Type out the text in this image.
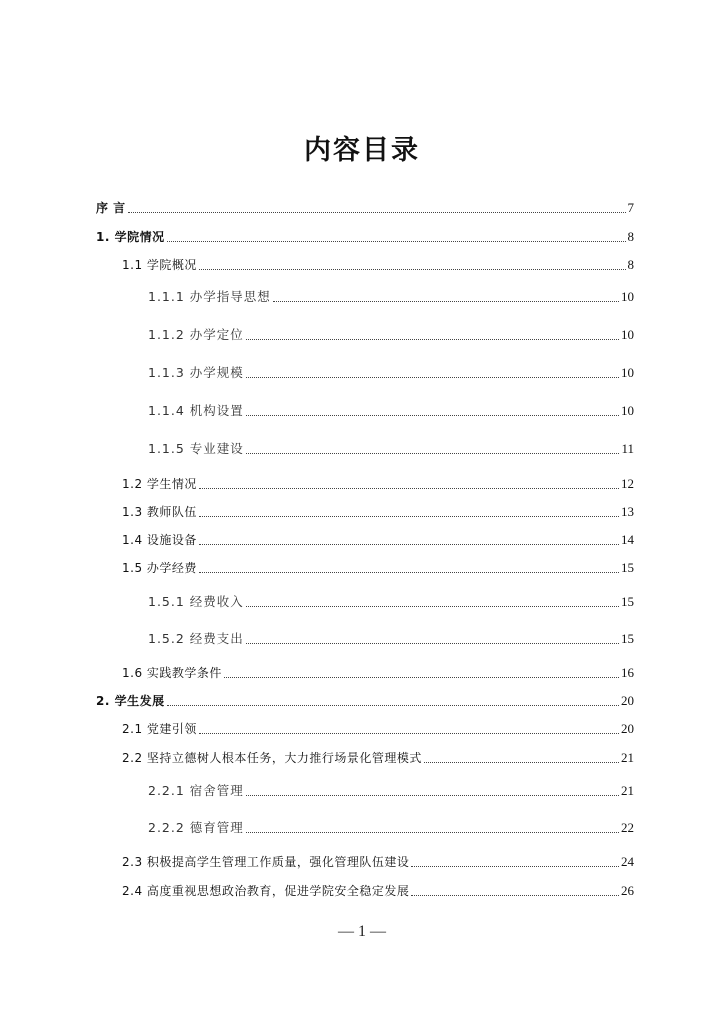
内容目录
序 言	7
1. 学院情况	8
1.1 学院概况	8
1.1.1 办学指导思想	10
1.1.2 办学定位	10
1.1.3 办学规模	10
1.1.4 机构设置	10
1.1.5 专业建设	11
1.2 学生情况	12
1.3 教师队伍	13
1.4 设施设备	14
1.5 办学经费	15
1.5.1 经费收入	15
1.5.2 经费支出	15
1.6 实践教学条件	16
2. 学生发展	20
2.1 党建引领	20
2.2 坚持立德树人根本任务，大力推行场景化管理模式	21
2.2.1 宿舍管理	21
2.2.2 德育管理	22
2.3 积极提高学生管理工作质量，强化管理队伍建设	24
2.4 高度重视思想政治教育，促进学院安全稳定发展	26
— 1 —
